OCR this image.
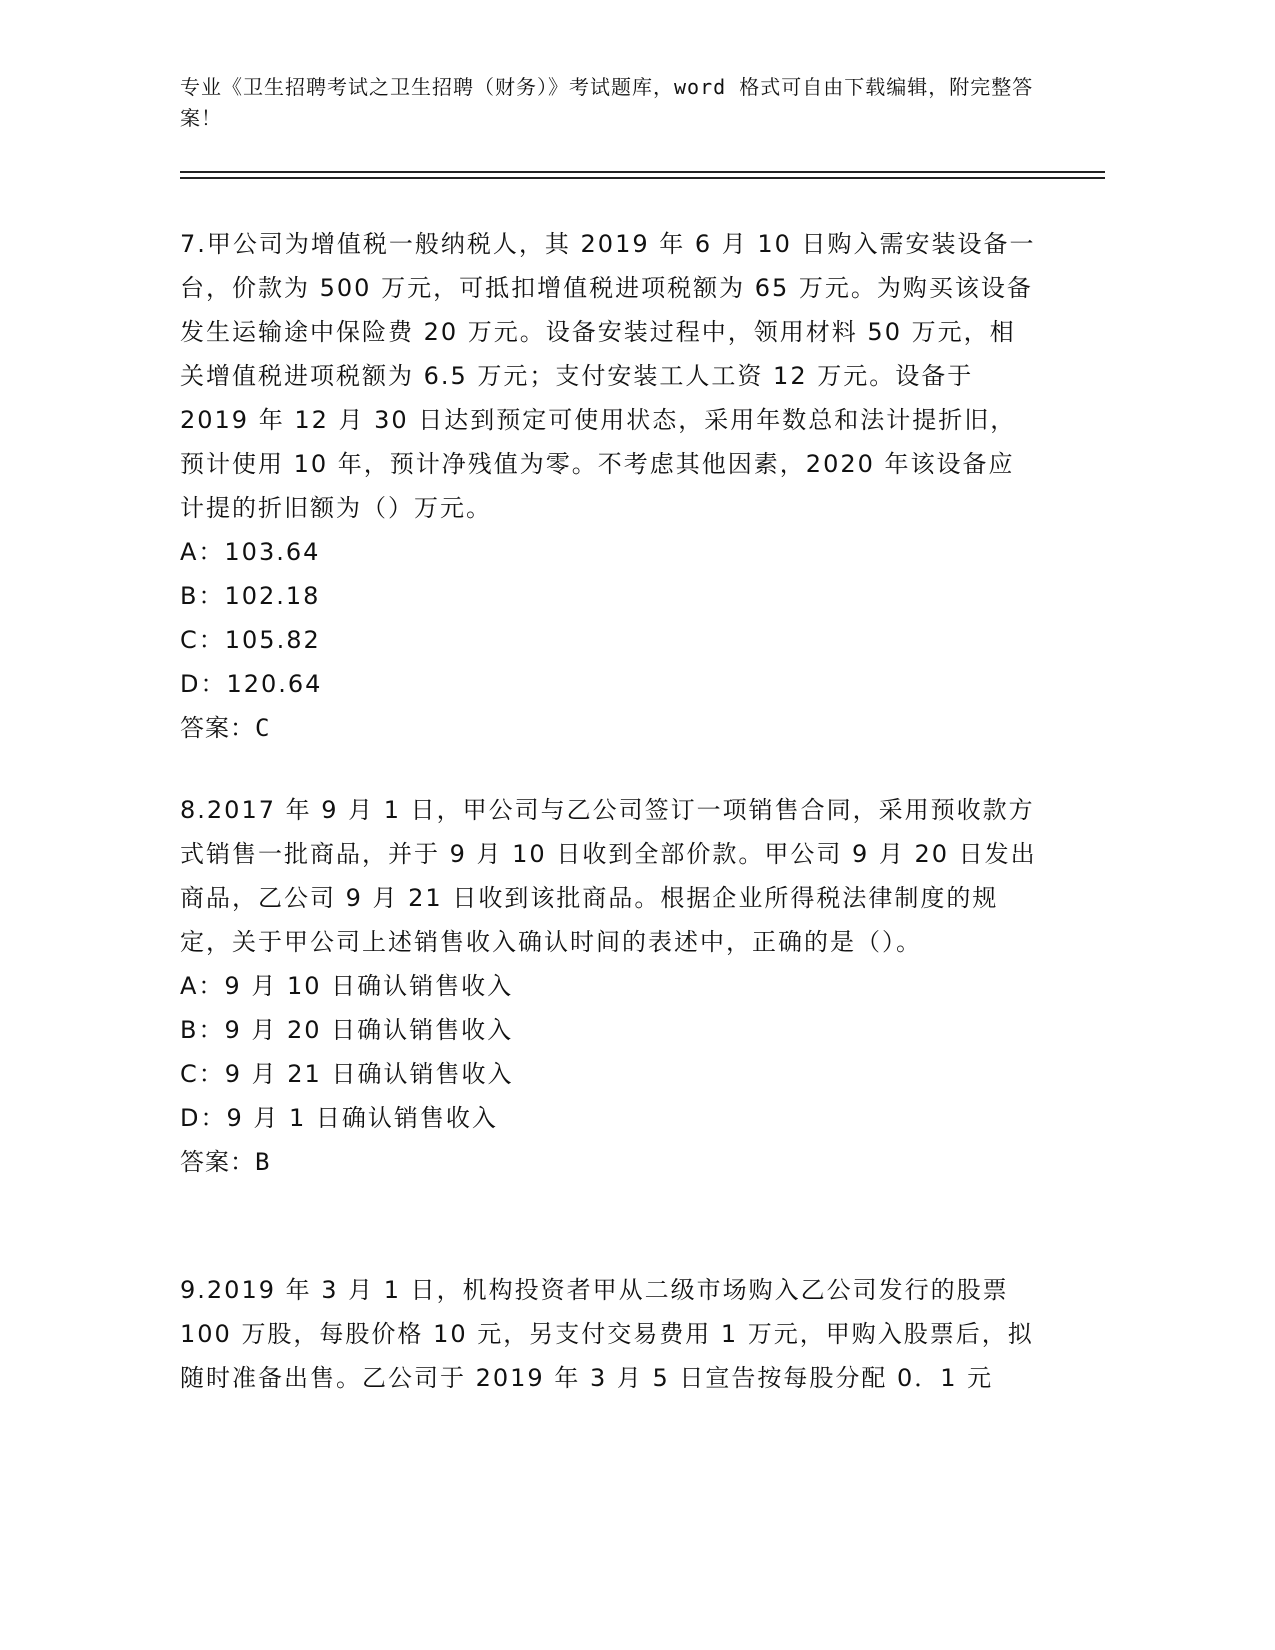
专业《卫生招聘考试之卫生招聘（财务）》考试题库，word 格式可自由下载编辑，附完整答案！

7.甲公司为增值税一般纳税人，其 2019 年 6 月 10 日购入需安装设备一台，价款为 500 万元，可抵扣增值税进项税额为 65 万元。为购买该设备发生运输途中保险费 20 万元。设备安装过程中，领用材料 50 万元，相关增值税进项税额为 6.5 万元；支付安装工人工资 12 万元。设备于 2019 年 12 月 30 日达到预定可使用状态，采用年数总和法计提折旧，预计使用 10 年，预计净残值为零。不考虑其他因素，2020 年该设备应计提的折旧额为（）万元。

A：103.64

B：102.18

C：105.82

D：120.64

答案：C

8.2017 年 9 月 1 日，甲公司与乙公司签订一项销售合同，采用预收款方式销售一批商品，并于 9 月 10 日收到全部价款。甲公司 9 月 20 日发出商品，乙公司 9 月 21 日收到该批商品。根据企业所得税法律制度的规定，关于甲公司上述销售收入确认时间的表述中，正确的是（）。

A：9 月 10 日确认销售收入

B：9 月 20 日确认销售收入

C：9 月 21 日确认销售收入

D：9 月 1 日确认销售收入

答案：B

9.2019 年 3 月 1 日，机构投资者甲从二级市场购入乙公司发行的股票 100 万股，每股价格 10 元，另支付交易费用 1 万元，甲购入股票后，拟随时准备出售。乙公司于 2019 年 3 月 5 日宣告按每股分配 0．1 元
